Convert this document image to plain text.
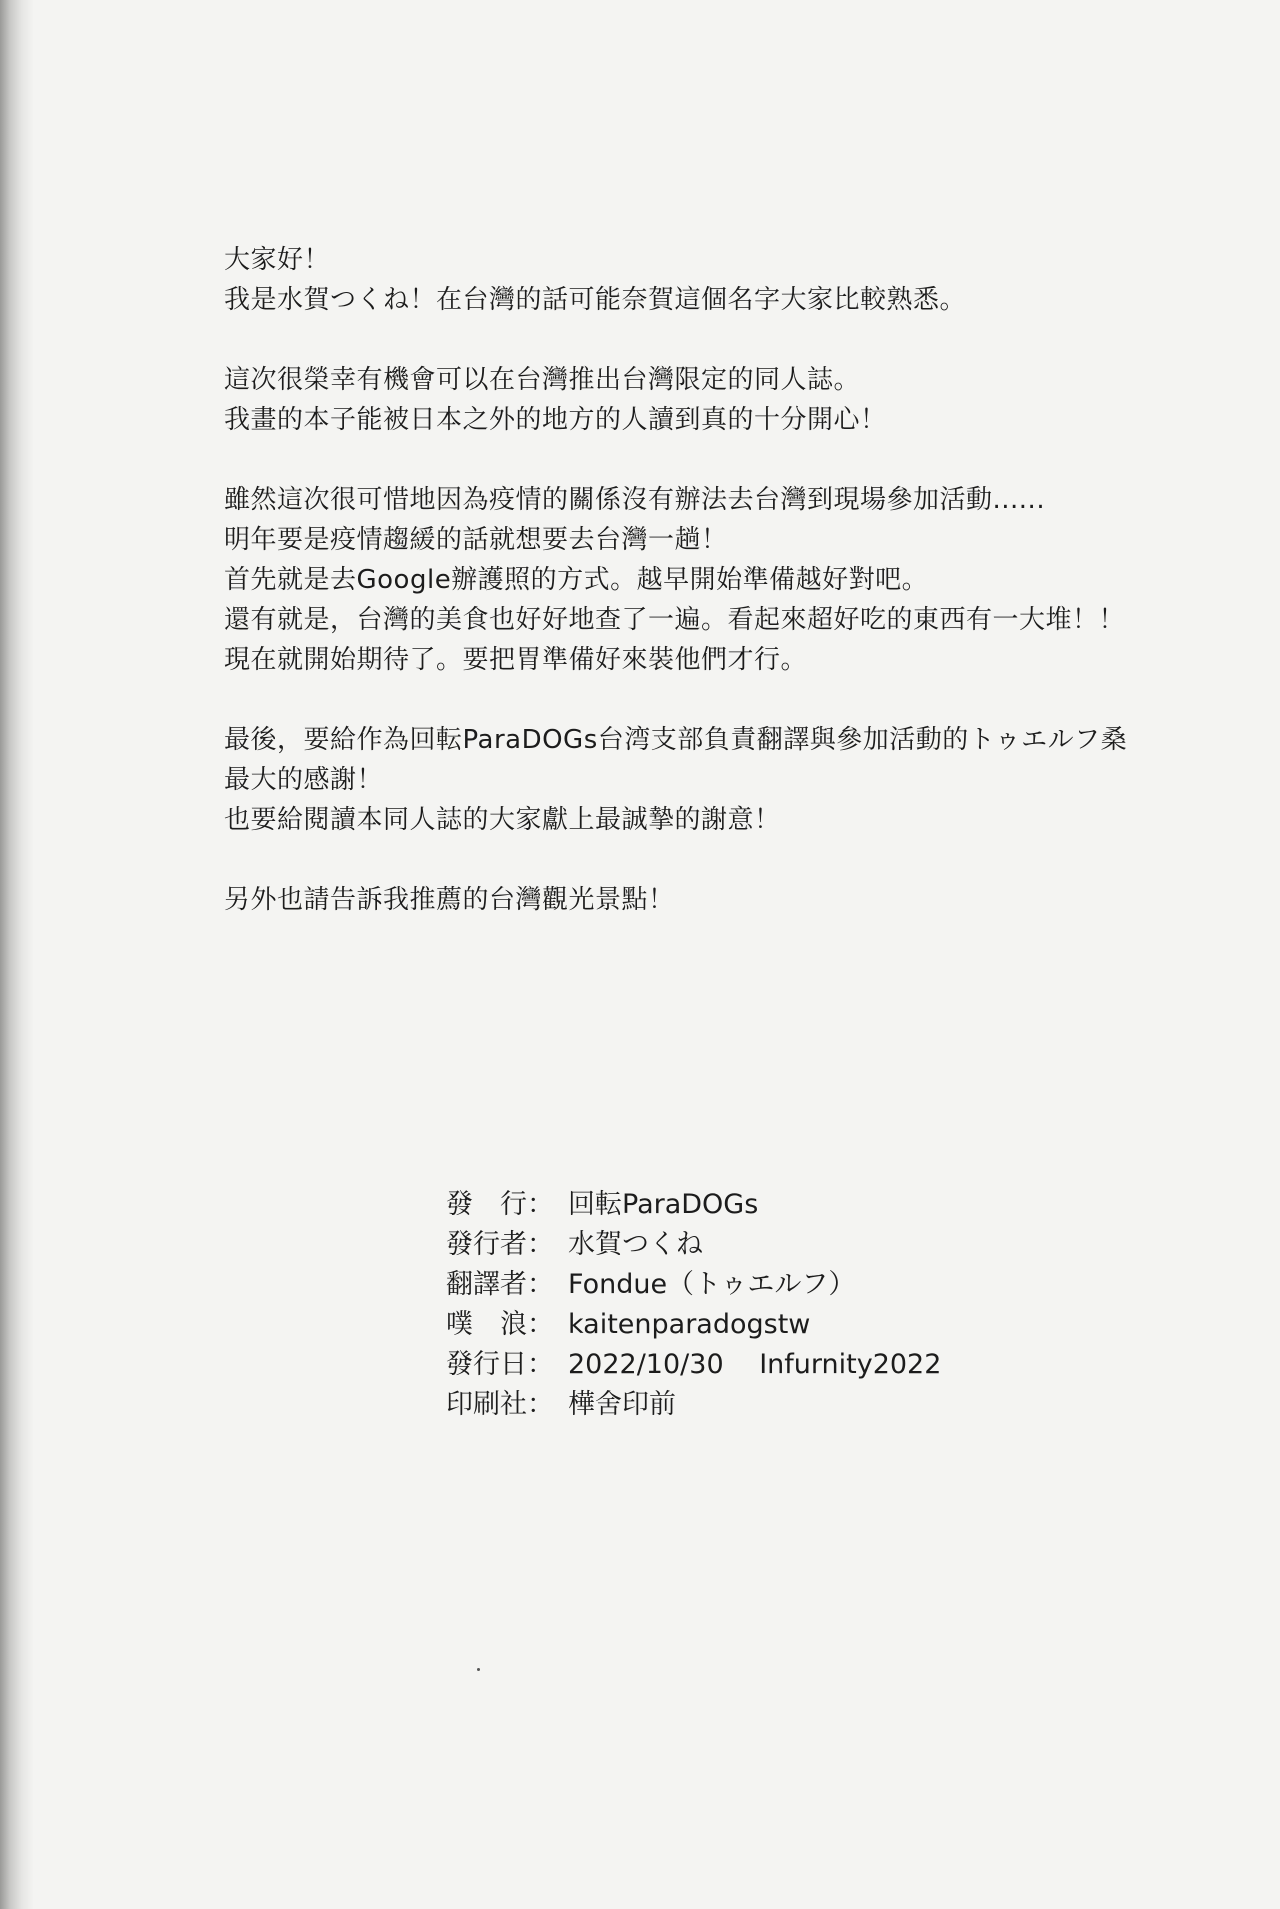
大家好！
我是水賀つくね！在台灣的話可能奈賀這個名字大家比較熟悉。
這次很榮幸有機會可以在台灣推出台灣限定的同人誌。
我畫的本子能被日本之外的地方的人讀到真的十分開心！
雖然這次很可惜地因為疫情的關係沒有辦法去台灣到現場參加活動......
明年要是疫情趨緩的話就想要去台灣一趟！
首先就是去Google辦護照的方式。越早開始準備越好對吧。
還有就是，台灣的美食也好好地查了一遍。看起來超好吃的東西有一大堆！！
現在就開始期待了。要把胃準備好來裝他們才行。
最後，要給作為回転ParaDOGs台湾支部負責翻譯與參加活動的トゥエルフ桑
最大的感謝！
也要給閱讀本同人誌的大家獻上最誠摯的謝意！
另外也請告訴我推薦的台灣觀光景點！
發　行： 回転ParaDOGs
發行者： 水賀つくね
翻譯者： Fondue（トゥエルフ）
噗　浪： kaitenparadogstw
發行日： 2022/10/30　 Infurnity2022
印刷社： 樺舍印前
